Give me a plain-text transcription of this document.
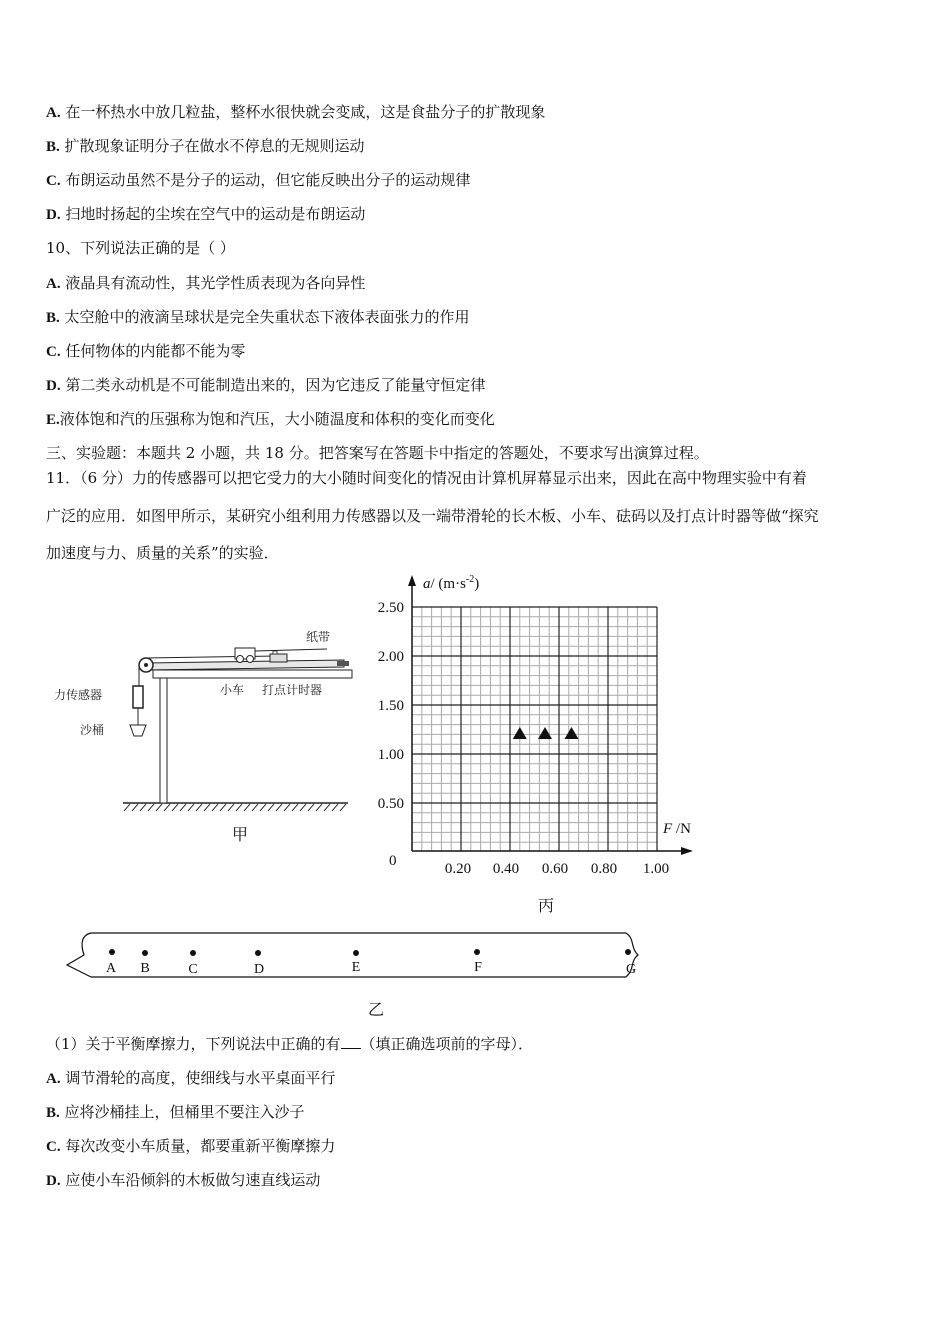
A. 在一杯热水中放几粒盐，整杯水很快就会变咸，这是食盐分子的扩散现象
B. 扩散现象证明分子在做水不停息的无规则运动
C. 布朗运动虽然不是分子的运动，但它能反映出分子的运动规律
D. 扫地时扬起的尘埃在空气中的运动是布朗运动
10、下列说法正确的是（ ）
A. 液晶具有流动性，其光学性质表现为各向异性
B. 太空舱中的液滴呈球状是完全失重状态下液体表面张力的作用
C. 任何物体的内能都不能为零
D. 第二类永动机是不可能制造出来的，因为它违反了能量守恒定律
E.液体饱和汽的压强称为饱和汽压，大小随温度和体积的变化而变化
三、实验题：本题共 2 小题，共 18 分。把答案写在答题卡中指定的答题处，不要求写出演算过程。
11．（6 分）力的传感器可以把它受力的大小随时间变化的情况由计算机屏幕显示出来，因此在高中物理实验中有着
广泛的应用．如图甲所示，某研究小组利用力传感器以及一端带滑轮的长木板、小车、砝码以及打点计时器等做“探究
加速度与力、质量的关系”的实验．
纸带
力传感器
沙桶
小车 打点计时器
甲
a/ $(m\cdot s^{-2})$
2.50
2.00
1.50
1.00
0.50
F /N
0	0.20 0.40 0.60 0.80 1.00
丙
A B	C	D	E	F	G
乙
（1）关于平衡摩擦力，下列说法中正确的有 （填正确选项前的字母）．
A. 调节滑轮的高度，使细线与水平桌面平行
B. 应将沙桶挂上，但桶里不要注入沙子
C. 每次改变小车质量，都要重新平衡摩擦力
D. 应使小车沿倾斜的木板做匀速直线运动
